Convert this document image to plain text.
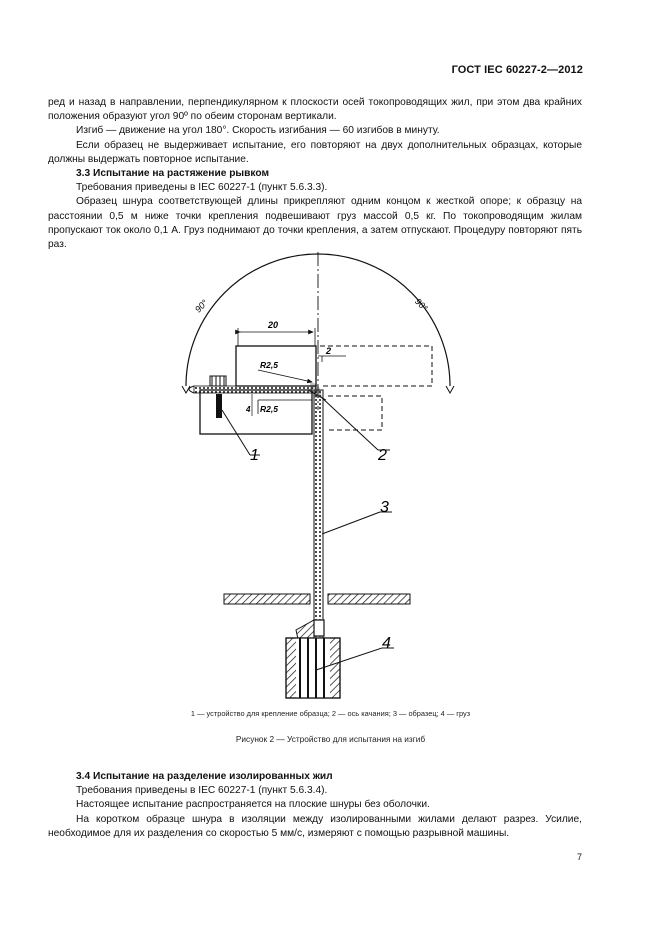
ГОСТ IEC 60227-2—2012

ред и назад в направлении, перпендикулярном к плоскости осей токопроводящих жил, при этом два крайних положения образуют угол 90º по обеим сторонам вертикали.

Изгиб — движение на угол 180°. Скорость изгибания — 60 изгибов в минуту.

Если образец не выдерживает испытание, его повторяют на двух дополнительных образцах, которые должны выдержать повторное испытание.

3.3 Испытание на растяжение рывком

Требования приведены в IEC 60227-1 (пункт 5.6.3.3).

Образец шнура соответствующей длины прикрепляют одним концом к жесткой опоре; к образцу на расстоянии 0,5 м ниже точки крепления подвешивают груз массой 0,5 кг. По токопроводящим жилам пропускают ток около 0,1 А. Груз поднимают до точки крепления, а затем отпускают. Процедуру повторяют пять раз.

90°	90°
20
2
R2,5
R2,5
4
1	2
3
4
1 — устройство для крепление образца; 2 — ось качания; 3 — образец; 4 — груз
Рисунок 2 — Устройство для испытания на изгиб

3.4 Испытание на разделение изолированных жил

Требования приведены в IEC 60227-1 (пункт 5.6.3.4).

Настоящее испытание распространяется на плоские шнуры без оболочки.

На коротком образце шнура в изоляции между изолированными жилами делают разрез. Усилие, необходимое для их разделения со скоростью 5 мм/с, измеряют с помощью разрывной машины.

7
